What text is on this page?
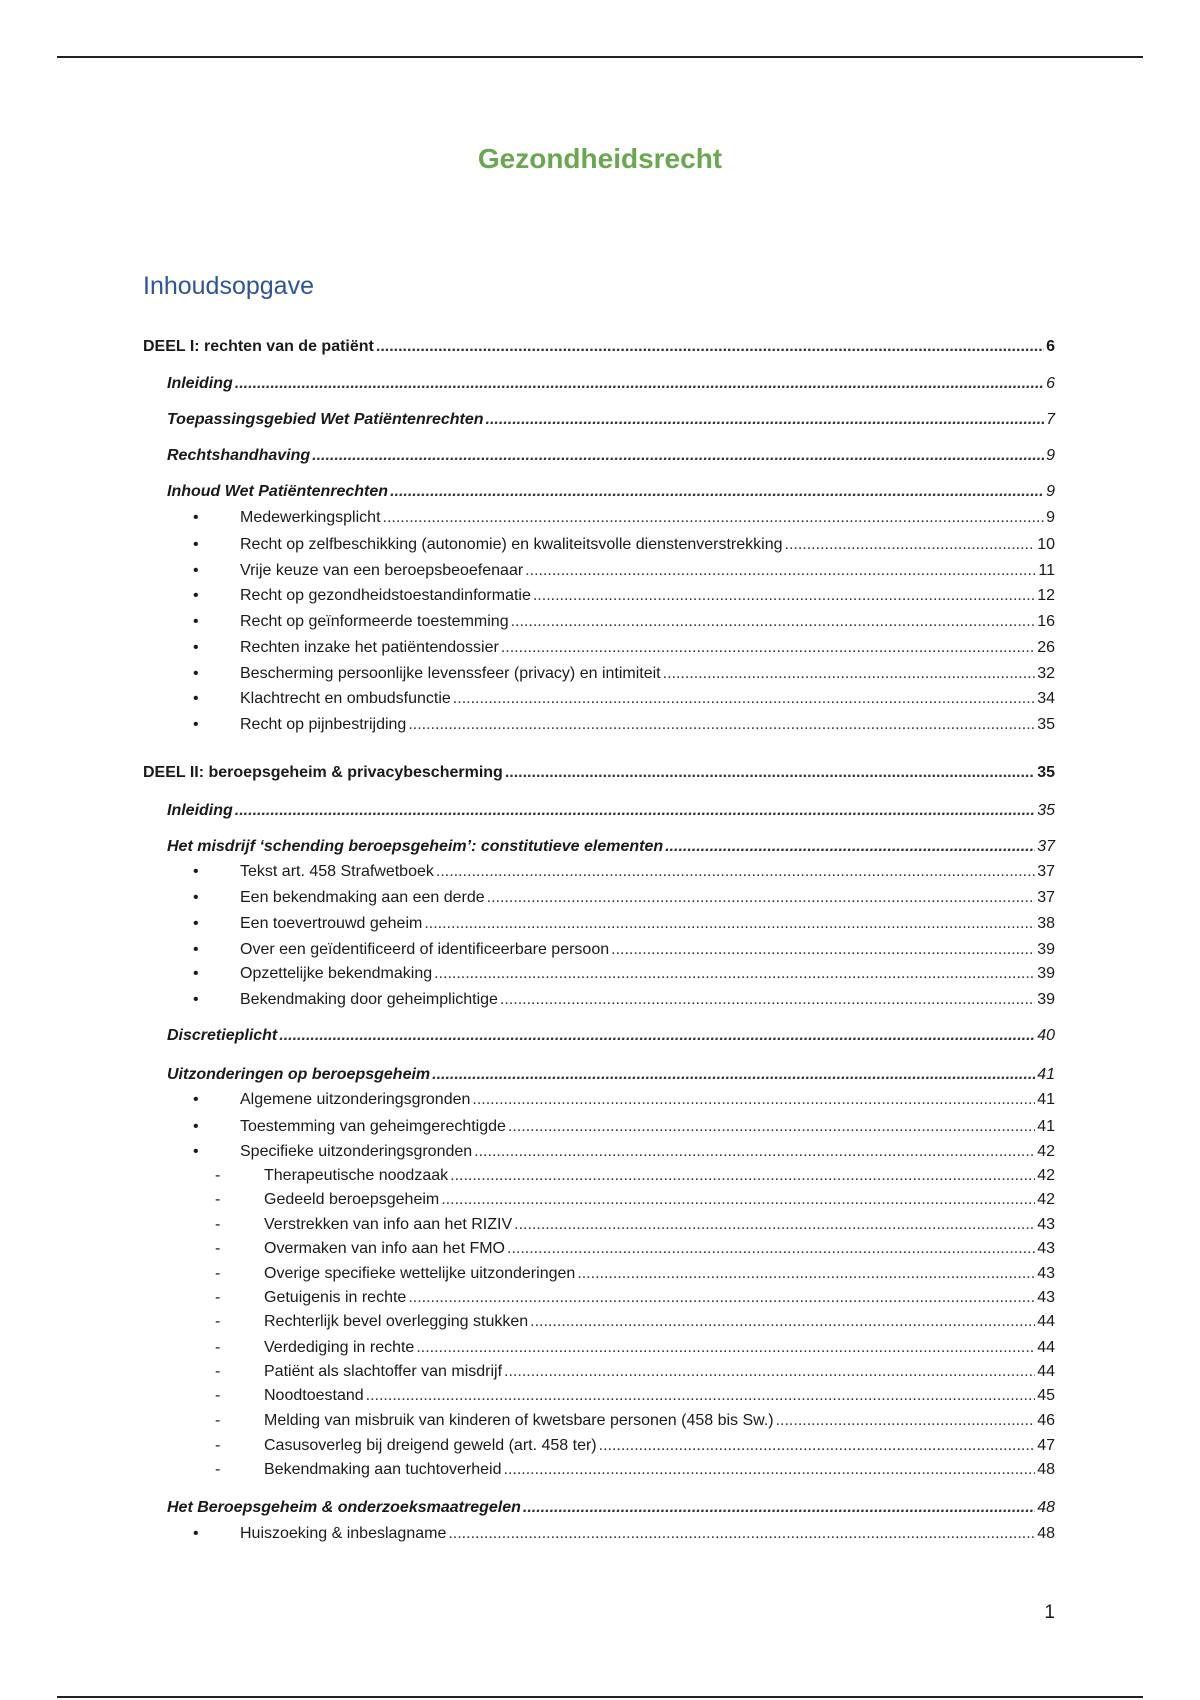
Gezondheidsrecht
Inhoudsopgave
DEEL I: rechten van de patiënt .....	6
Inleiding .....	6
Toepassingsgebied Wet Patiëntenrechten .....	7
Rechtshandhaving .....	9
Inhoud Wet Patiëntenrechten .....	9
•	Medewerkingsplicht .....	9
•	Recht op zelfbeschikking (autonomie) en kwaliteitsvolle dienstenverstrekking .....	10
•	Vrije keuze van een beroepsbeoefenaar .....	11
•	Recht op gezondheidstoestandinformatie .....	12
•	Recht op geïnformeerde toestemming .....	16
•	Rechten inzake het patiëntendossier .....	26
•	Bescherming persoonlijke levenssfeer (privacy) en intimiteit .....	32
•	Klachtrecht en ombudsfunctie .....	34
•	Recht op pijnbestrijding .....	35
DEEL II: beroepsgeheim & privacybescherming .....	35
Inleiding .....	35
Het misdrijf ‘schending beroepsgeheim’: constitutieve elementen .....	37
•	Tekst art. 458 Strafwetboek .....	37
•	Een bekendmaking aan een derde .....	37
•	Een toevertrouwd geheim .....	38
•	Over een geïdentificeerd of identificeerbare persoon .....	39
•	Opzettelijke bekendmaking .....	39
•	Bekendmaking door geheimplichtige .....	39
Discretieplicht .....	40
Uitzonderingen op beroepsgeheim .....	41
•	Algemene uitzonderingsgronden .....	41
•	Toestemming van geheimgerechtigde .....	41
•	Specifieke uitzonderingsgronden .....	42
-	Therapeutische noodzaak .....	42
-	Gedeeld beroepsgeheim .....	42
-	Verstrekken van info aan het RIZIV .....	43
-	Overmaken van info aan het FMO .....	43
-	Overige specifieke wettelijke uitzonderingen .....	43
-	Getuigenis in rechte .....	43
-	Rechterlijk bevel overlegging stukken .....	44
-	Verdediging in rechte .....	44
-	Patiënt als slachtoffer van misdrijf .....	44
-	Noodtoestand .....	45
-	Melding van misbruik van kinderen of kwetsbare personen (458 bis Sw.) .....	46
-	Casusoverleg bij dreigend geweld (art. 458 ter) .....	47
-	Bekendmaking aan tuchtoverheid .....	48
Het Beroepsgeheim & onderzoeksmaatregelen .....	48
•	Huiszoeking & inbeslagname .....	48
1
